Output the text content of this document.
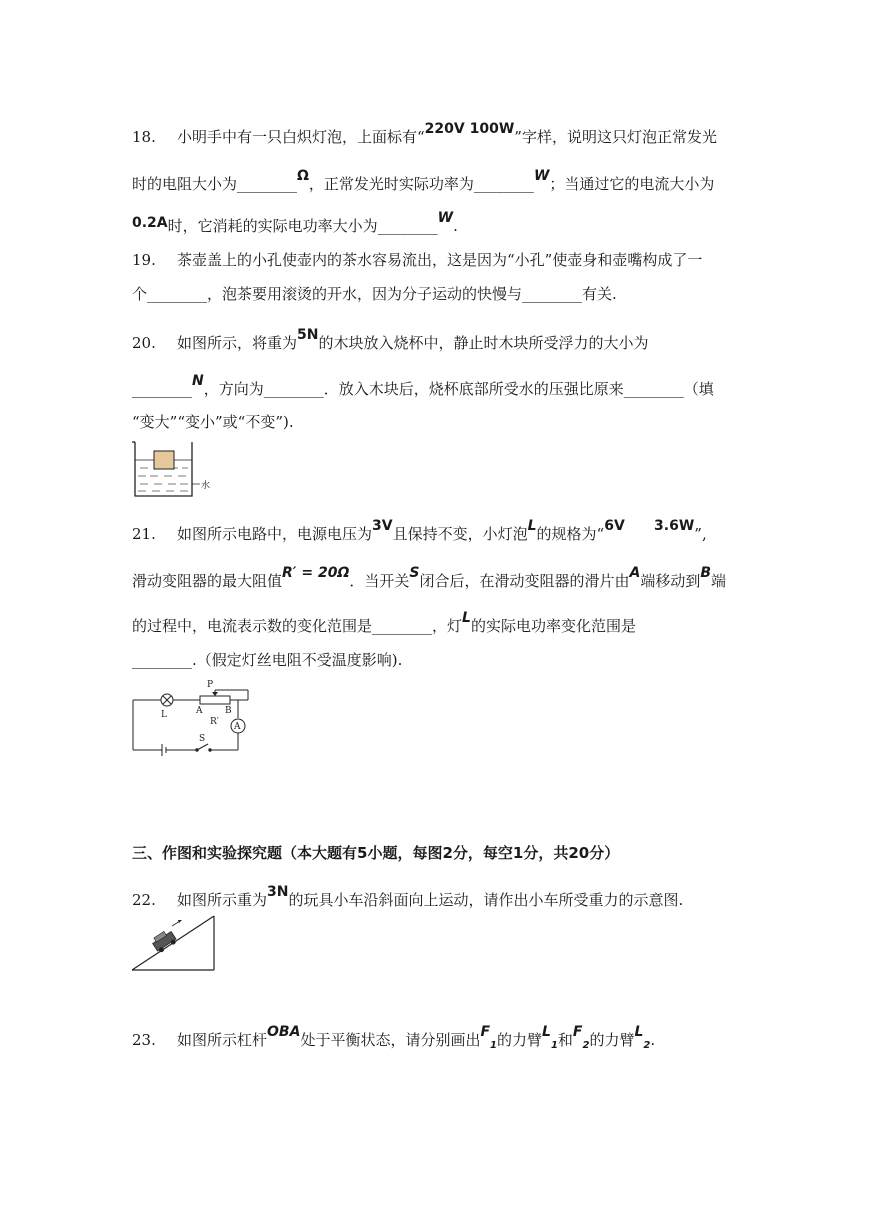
18. 小明手中有一只白炽灯泡，上面标有“220V 100W”字样，说明这只灯泡正常发光
时的电阻大小为________Ω，正常发光时实际功率为________W；当通过它的电流大小为
0.2A时，它消耗的实际电功率大小为________W.
19. 茶壶盖上的小孔使壶内的茶水容易流出，这是因为“小孔”使壶身和壶嘴构成了一
个________，泡茶要用滚烫的开水，因为分子运动的快慢与________有关.
20. 如图所示，将重为5N的木块放入烧杯中，静止时木块所受浮力的大小为
________N，方向为________．放入木块后，烧杯底部所受水的压强比原来________（填
“变大”“变小”或“不变”).
水
21. 如图所示电路中，电源电压为3V且保持不变，小灯泡L的规格为“6V      3.6W”,
滑动变阻器的最大阻值R′ = 20Ω．当开关S闭合后，在滑动变阻器的滑片由A端移动到B端
的过程中，电流表示数的变化范围是________，灯L的实际电功率变化范围是
________.（假定灯丝电阻不受温度影响).
P
L	A	B
R′ A
S
三、作图和实验探究题（本大题有5小题，每图2分，每空1分，共20分）
22. 如图所示重为3N的玩具小车沿斜面向上运动，请作出小车所受重力的示意图.
23. 如图所示杠杆OBA处于平衡状态，请分别画出$F_1$的力臂$L_1$和$F_2$的力臂$L_2$.
